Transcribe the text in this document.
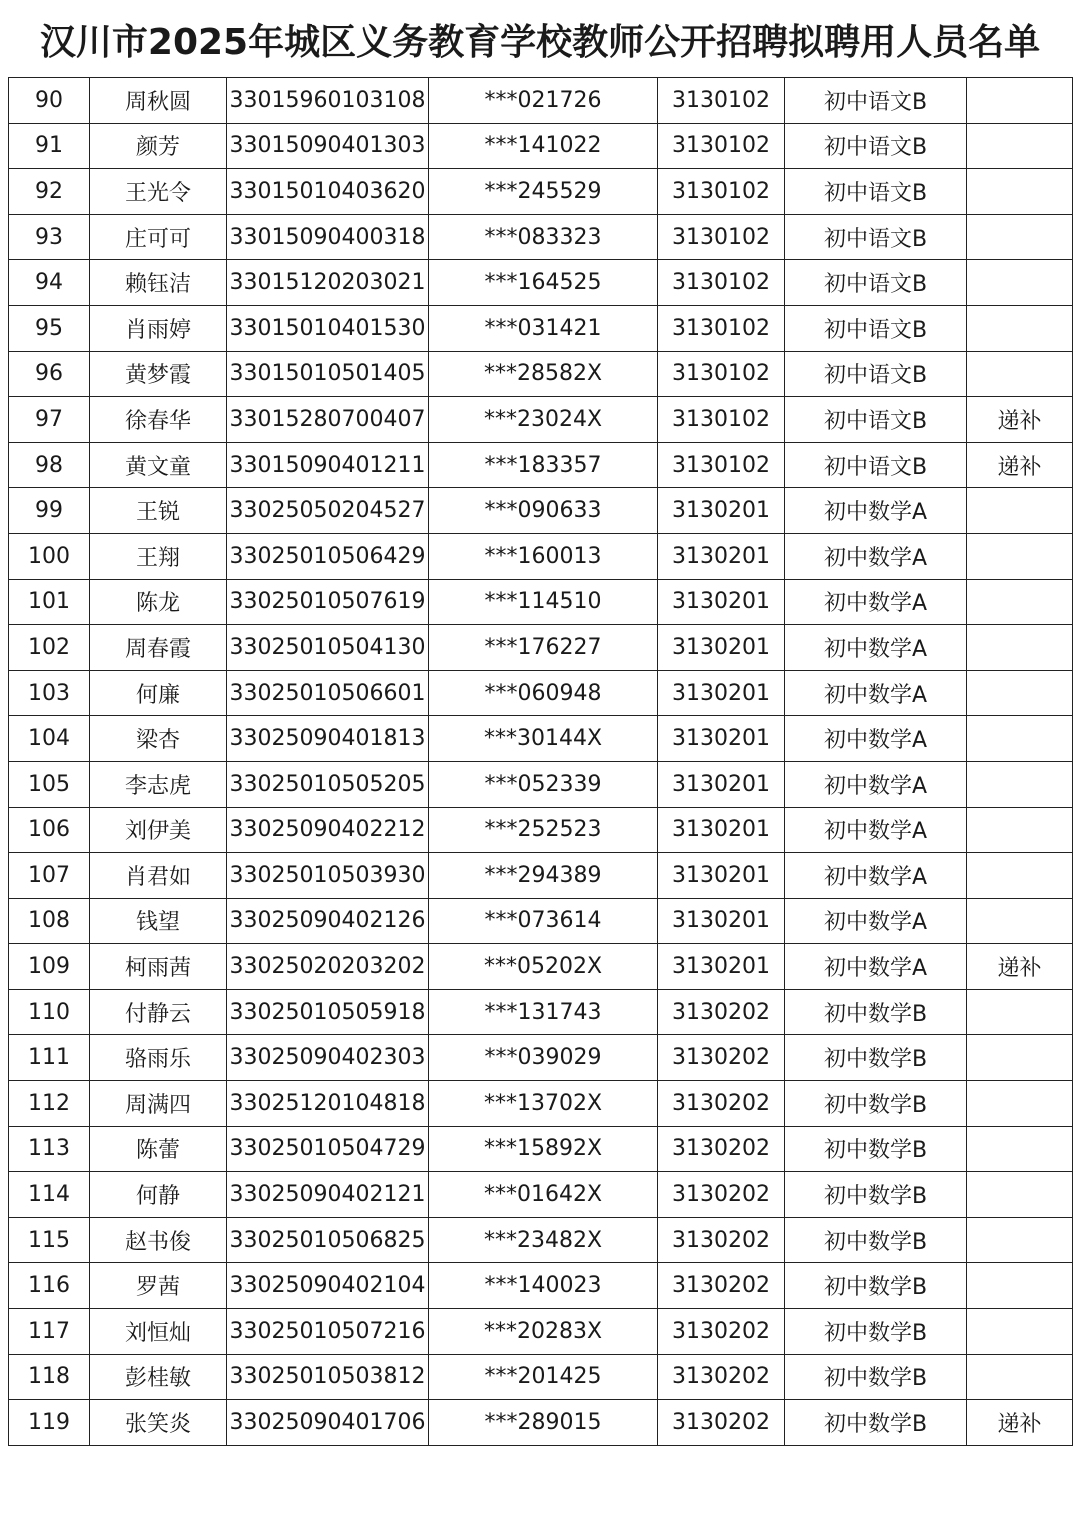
汉川市2025年城区义务教育学校教师公开招聘拟聘用人员名单
90	周秋圆	33015960103108	***021726	3130102	初中语文B	
91	颜芳	33015090401303	***141022	3130102	初中语文B	
92	王光令	33015010403620	***245529	3130102	初中语文B	
93	庄可可	33015090400318	***083323	3130102	初中语文B	
94	赖钰洁	33015120203021	***164525	3130102	初中语文B	
95	肖雨婷	33015010401530	***031421	3130102	初中语文B	
96	黄梦霞	33015010501405	***28582X	3130102	初中语文B	
97	徐春华	33015280700407	***23024X	3130102	初中语文B	递补
98	黄文童	33015090401211	***183357	3130102	初中语文B	递补
99	王锐	33025050204527	***090633	3130201	初中数学A	
100	王翔	33025010506429	***160013	3130201	初中数学A	
101	陈龙	33025010507619	***114510	3130201	初中数学A	
102	周春霞	33025010504130	***176227	3130201	初中数学A	
103	何廉	33025010506601	***060948	3130201	初中数学A	
104	梁杏	33025090401813	***30144X	3130201	初中数学A	
105	李志虎	33025010505205	***052339	3130201	初中数学A	
106	刘伊美	33025090402212	***252523	3130201	初中数学A	
107	肖君如	33025010503930	***294389	3130201	初中数学A	
108	钱望	33025090402126	***073614	3130201	初中数学A	
109	柯雨茜	33025020203202	***05202X	3130201	初中数学A	递补
110	付静云	33025010505918	***131743	3130202	初中数学B	
111	骆雨乐	33025090402303	***039029	3130202	初中数学B	
112	周满四	33025120104818	***13702X	3130202	初中数学B	
113	陈蕾	33025010504729	***15892X	3130202	初中数学B	
114	何静	33025090402121	***01642X	3130202	初中数学B	
115	赵书俊	33025010506825	***23482X	3130202	初中数学B	
116	罗茜	33025090402104	***140023	3130202	初中数学B	
117	刘恒灿	33025010507216	***20283X	3130202	初中数学B	
118	彭桂敏	33025010503812	***201425	3130202	初中数学B	
119	张笑炎	33025090401706	***289015	3130202	初中数学B	递补
